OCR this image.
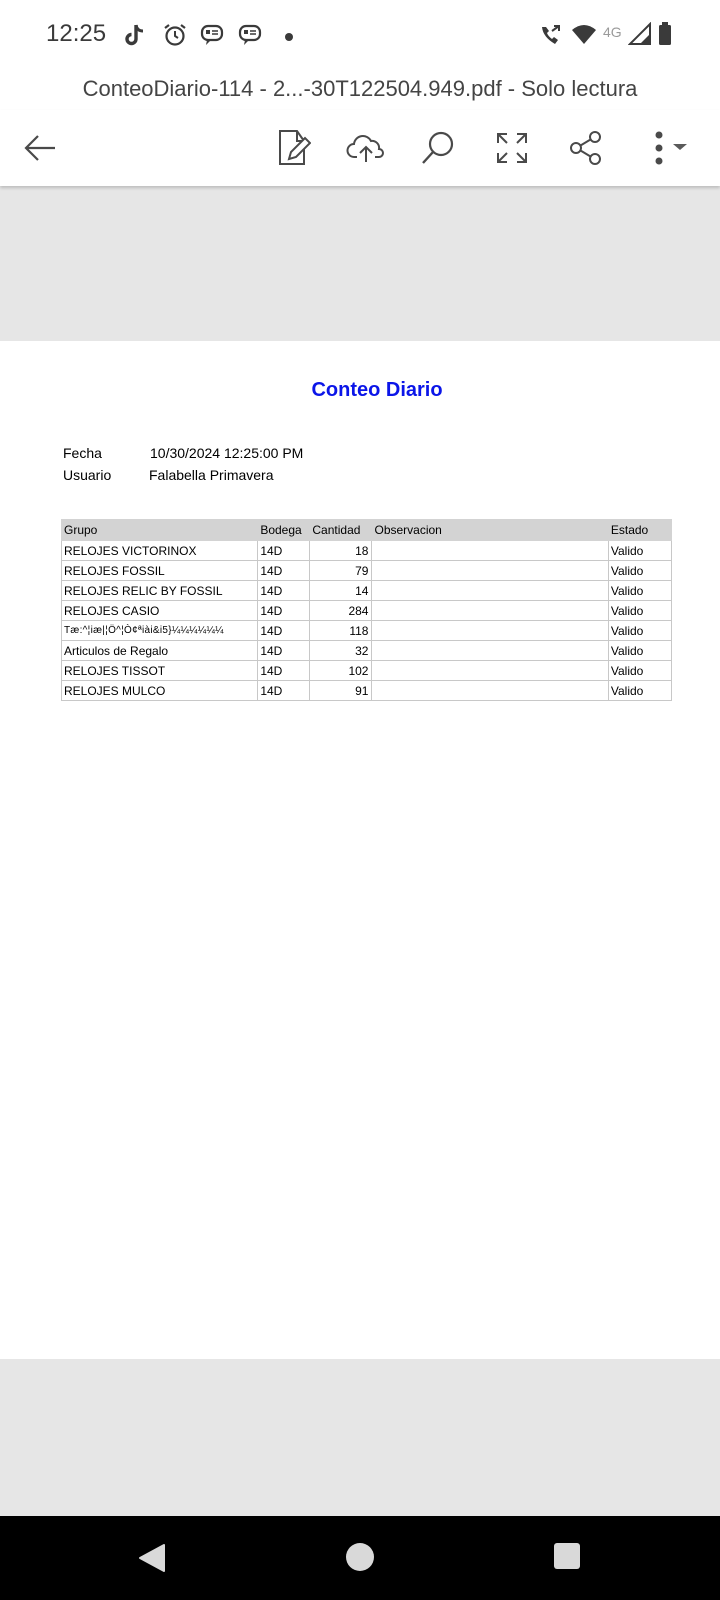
12:25	4G
ConteoDiario-114 - 2...-30T122504.949.pdf - Solo lectura
Conteo Diario
Fecha	10/30/2024 12:25:00 PM
Usuario	Falabella Primavera
Grupo	Bodega	Cantidad	Observacion	Estado
RELOJES VICTORINOX	14D	18		Valido
RELOJES FOSSIL	14D	79		Valido
RELOJES RELIC BY FOSSIL	14D	14		Valido
RELOJES CASIO	14D	284		Valido
Tæ:^¦iæ|¦Ö^¦Ò¢ªiài&i5}¼¼¼¼¼¼	14D	118		Valido
Articulos de Regalo	14D	32		Valido
RELOJES TISSOT	14D	102		Valido
RELOJES MULCO	14D	91		Valido
